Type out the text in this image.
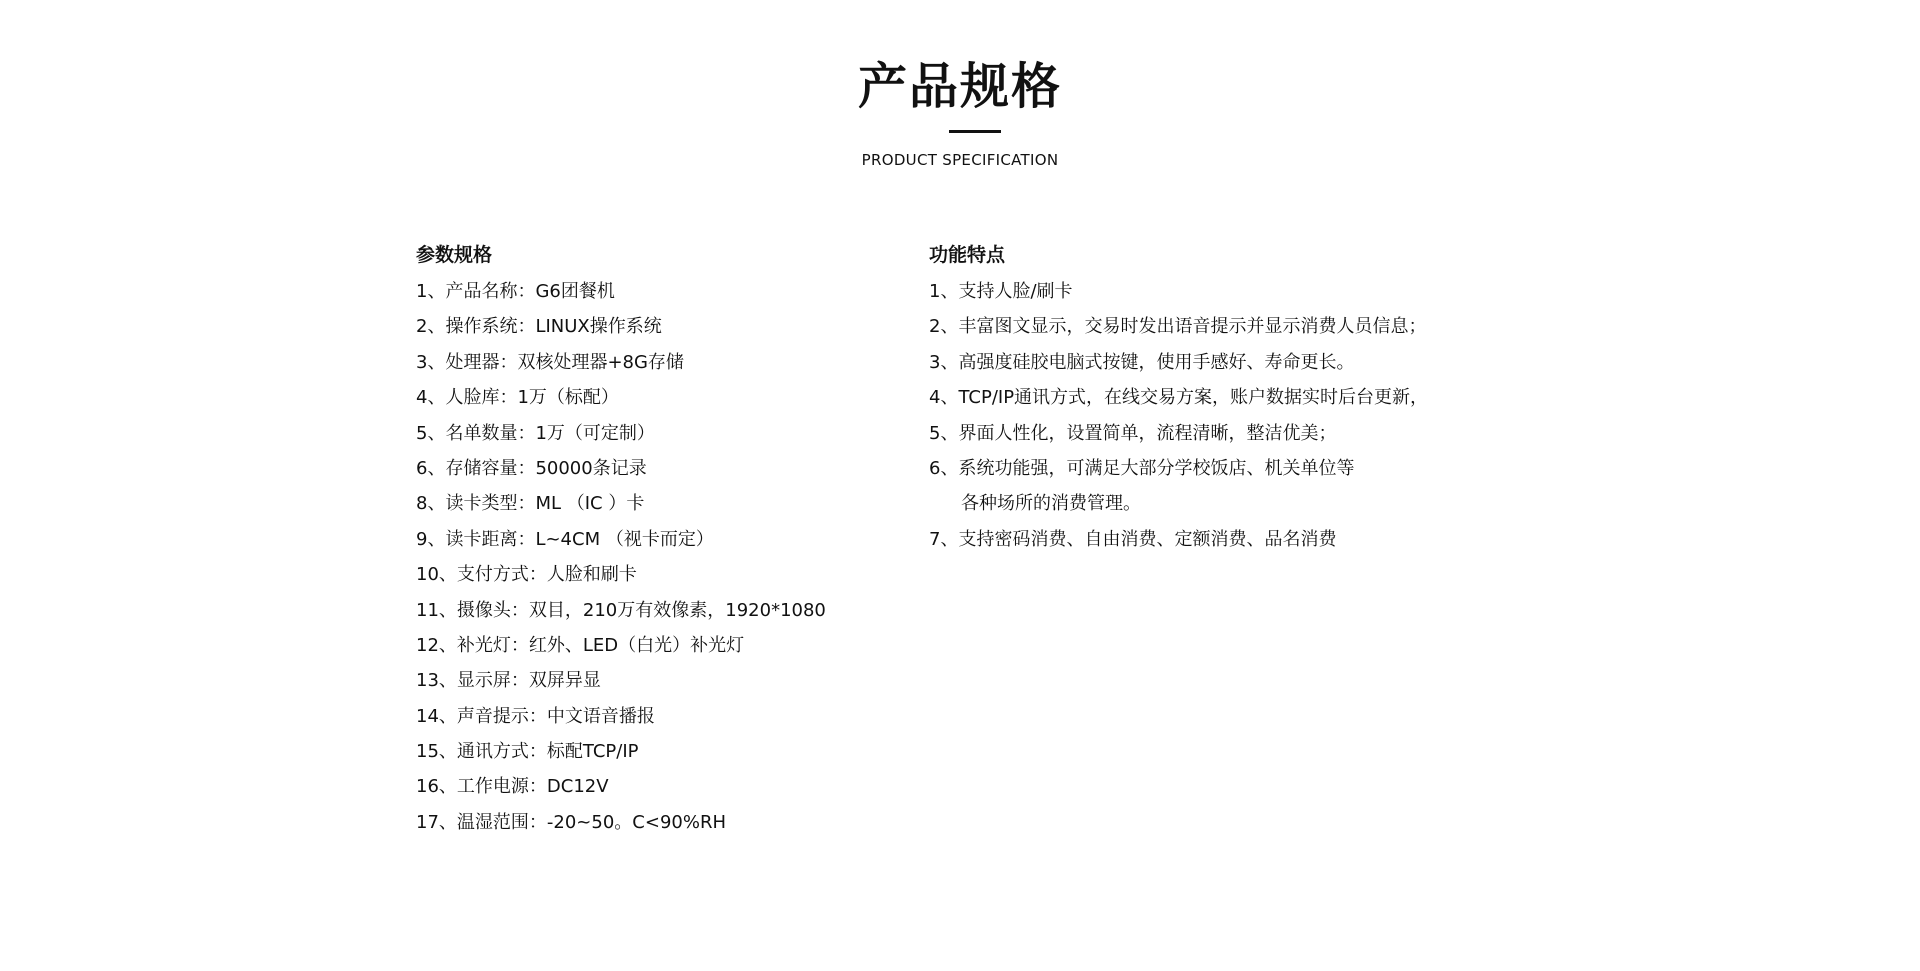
产品规格
PRODUCT SPECIFICATION
参数规格
1、产品名称：G6团餐机
2、操作系统：LINUX操作系统
3、处理器：双核处理器+8G存储
4、人脸库：1万（标配）
5、名单数量：1万（可定制）
6、存储容量：50000条记录
8、读卡类型：ML （IC ）卡
9、读卡距离：L~4CM （视卡而定）
10、支付方式：人脸和刷卡
11、摄像头：双目，210万有效像素，1920*1080
12、补光灯：红外、LED（白光）补光灯
13、显示屏：双屏异显
14、声音提示：中文语音播报
15、通讯方式：标配TCP/IP
16、工作电源：DC12V
17、温湿范围：-20~50。C<90%RH
功能特点
1、支持人脸/刷卡
2、丰富图文显示，交易时发出语音提示并显示消费人员信息；
3、高强度硅胶电脑式按键，使用手感好、寿命更长。
4、TCP/IP通讯方式，在线交易方案，账户数据实时后台更新，
5、界面人性化，设置简单，流程清晰，整洁优美；
6、系统功能强，可满足大部分学校饭店、机关单位等
各种场所的消费管理。
7、支持密码消费、自由消费、定额消费、品名消费
